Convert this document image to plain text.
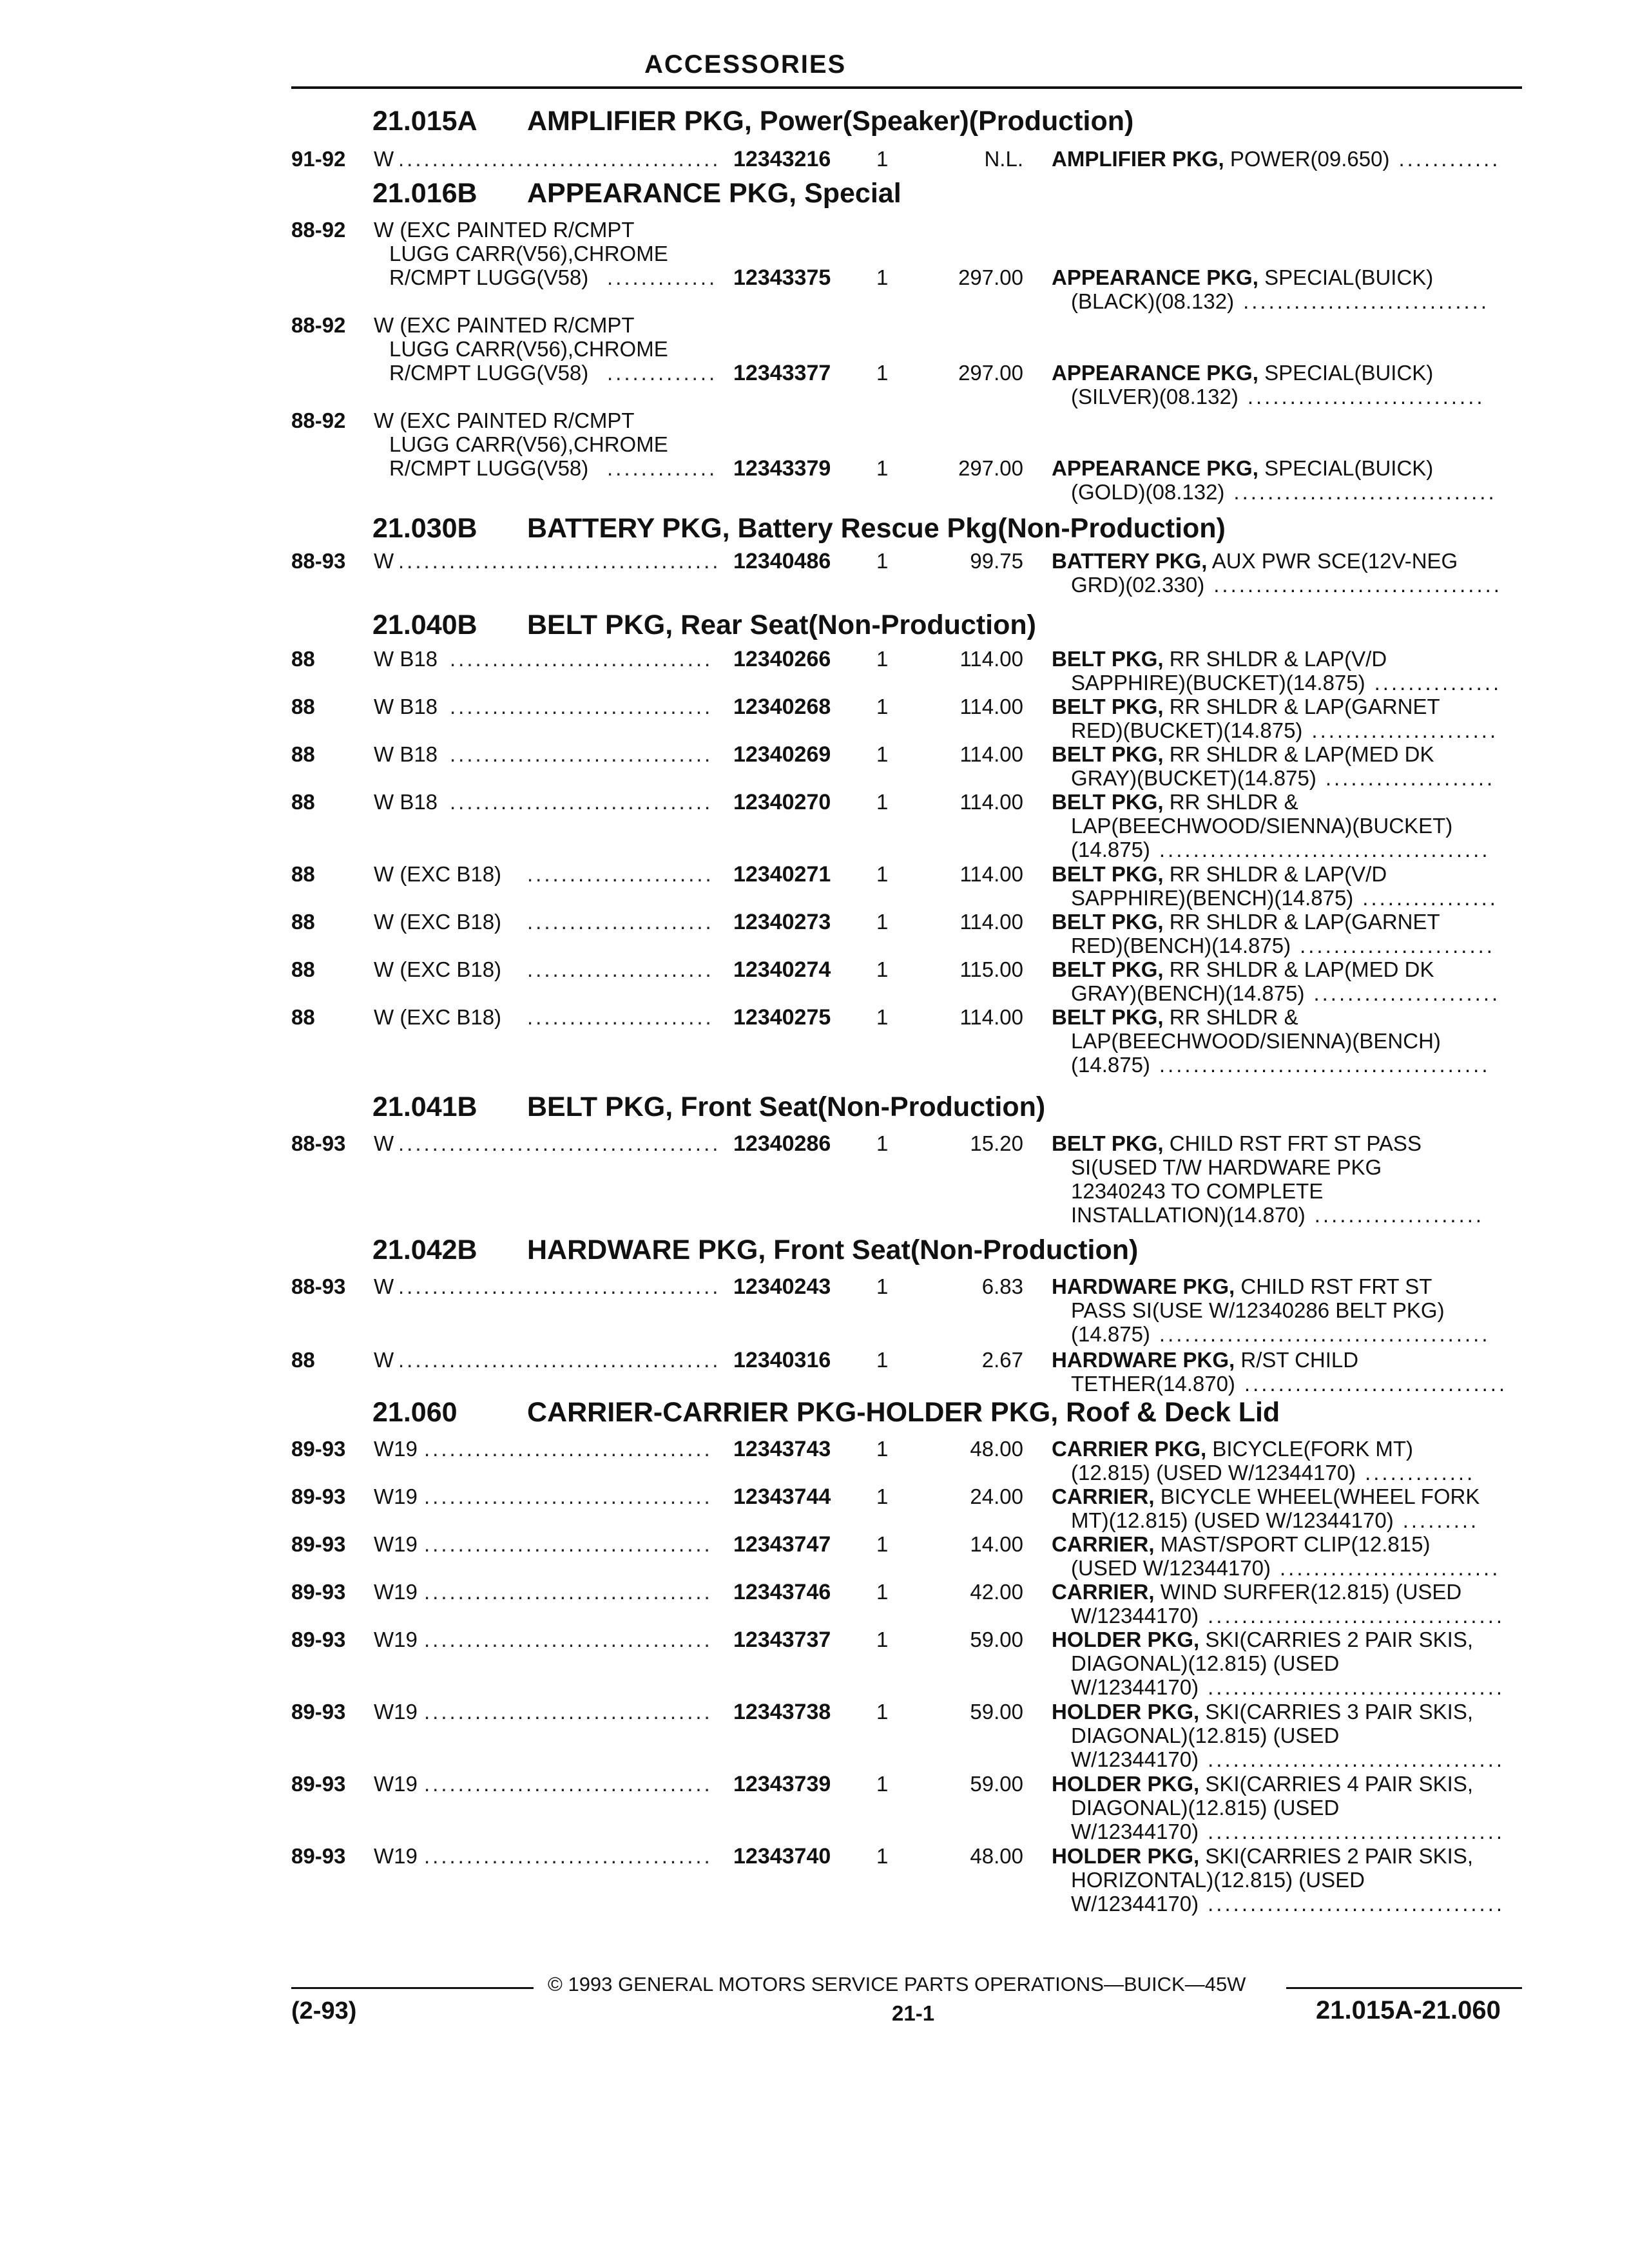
ACCESSORIES
21.015A AMPLIFIER PKG, Power(Speaker)(Production)
91-92 W ...................................... 12343216 1	N.L. AMPLIFIER PKG, POWER(09.650) ............
21.016B APPEARANCE PKG, Special
88-92 W (EXC PAINTED R/CMPT
LUGG CARR(V56),CHROME
R/CMPT LUGG(V58) ............. 12343375 1	297.00 APPEARANCE PKG, SPECIAL(BUICK)
(BLACK)(08.132) .............................
88-92 W (EXC PAINTED R/CMPT
LUGG CARR(V56),CHROME
R/CMPT LUGG(V58) ............. 12343377 1	297.00 APPEARANCE PKG, SPECIAL(BUICK)
(SILVER)(08.132) ............................
88-92 W (EXC PAINTED R/CMPT
LUGG CARR(V56),CHROME
R/CMPT LUGG(V58) ............. 12343379 1	297.00 APPEARANCE PKG, SPECIAL(BUICK)
(GOLD)(08.132) ...............................
21.030B BATTERY PKG, Battery Rescue Pkg(Non-Production)
88-93 W ...................................... 12340486 1	99.75 BATTERY PKG, AUX PWR SCE(12V-NEG
GRD)(02.330) ..................................
21.040B BELT PKG, Rear Seat(Non-Production)
88	W B18 ............................... 12340266 1	114.00 BELT PKG, RR SHLDR & LAP(V/D
SAPPHIRE)(BUCKET)(14.875) ...............
88	W B18 ............................... 12340268 1	114.00 BELT PKG, RR SHLDR & LAP(GARNET
RED)(BUCKET)(14.875) ......................
88	W B18 ............................... 12340269 1	114.00 BELT PKG, RR SHLDR & LAP(MED DK
GRAY)(BUCKET)(14.875) ....................
88	W B18 ............................... 12340270 1	114.00 BELT PKG, RR SHLDR &
LAP(BEECHWOOD/SIENNA)(BUCKET)
(14.875) .......................................
88	W (EXC B18) ...................... 12340271 1	114.00 BELT PKG, RR SHLDR & LAP(V/D
SAPPHIRE)(BENCH)(14.875) ................
88	W (EXC B18) ...................... 12340273 1	114.00 BELT PKG, RR SHLDR & LAP(GARNET
RED)(BENCH)(14.875) .......................
88	W (EXC B18) ...................... 12340274 1	115.00 BELT PKG, RR SHLDR & LAP(MED DK
GRAY)(BENCH)(14.875) ......................
88	W (EXC B18) ...................... 12340275 1	114.00 BELT PKG, RR SHLDR &
LAP(BEECHWOOD/SIENNA)(BENCH)
(14.875) .......................................
21.041B BELT PKG, Front Seat(Non-Production)
88-93 W ...................................... 12340286 1	15.20 BELT PKG, CHILD RST FRT ST PASS
SI(USED T/W HARDWARE PKG
12340243 TO COMPLETE
INSTALLATION)(14.870) ....................
21.042B HARDWARE PKG, Front Seat(Non-Production)
88-93 W ...................................... 12340243 1	6.83 HARDWARE PKG, CHILD RST FRT ST
PASS SI(USE W/12340286 BELT PKG)
(14.875) .......................................
88	W ...................................... 12340316 1	2.67 HARDWARE PKG, R/ST CHILD
TETHER(14.870) ...............................
21.060	CARRIER-CARRIER PKG-HOLDER PKG, Roof & Deck Lid
89-93 W19 .................................. 12343743 1	48.00 CARRIER PKG, BICYCLE(FORK MT)
(12.815) (USED W/12344170) .............
89-93 W19 .................................. 12343744 1	24.00 CARRIER, BICYCLE WHEEL(WHEEL FORK
MT)(12.815) (USED W/12344170) .........
89-93 W19 .................................. 12343747 1	14.00 CARRIER, MAST/SPORT CLIP(12.815)
(USED W/12344170) ..........................
89-93 W19 .................................. 12343746 1	42.00 CARRIER, WIND SURFER(12.815) (USED
W/12344170) ...................................
89-93 W19 .................................. 12343737 1	59.00 HOLDER PKG, SKI(CARRIES 2 PAIR SKIS,
DIAGONAL)(12.815) (USED
W/12344170) ...................................
89-93 W19 .................................. 12343738 1	59.00 HOLDER PKG, SKI(CARRIES 3 PAIR SKIS,
DIAGONAL)(12.815) (USED
W/12344170) ...................................
89-93 W19 .................................. 12343739 1	59.00 HOLDER PKG, SKI(CARRIES 4 PAIR SKIS,
DIAGONAL)(12.815) (USED
W/12344170) ...................................
89-93 W19 .................................. 12343740 1	48.00 HOLDER PKG, SKI(CARRIES 2 PAIR SKIS,
HORIZONTAL)(12.815) (USED
W/12344170) ...................................
© 1993 GENERAL MOTORS SERVICE PARTS OPERATIONS—BUICK—45W
(2-93)	21-1	21.015A-21.060
